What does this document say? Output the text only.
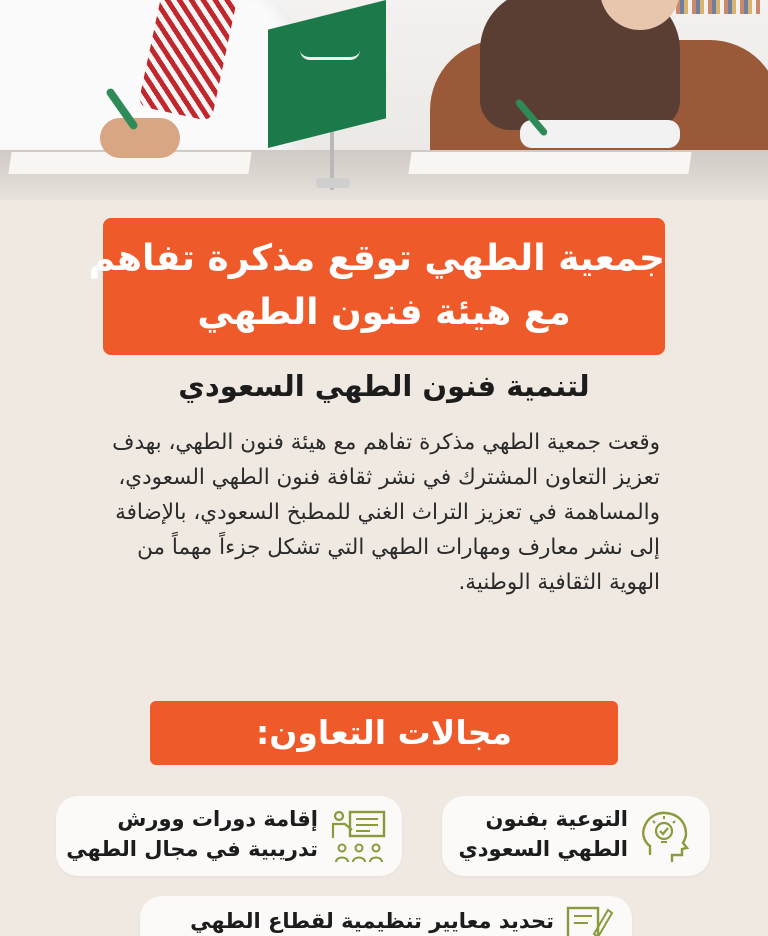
جمعية الطهي توقع مذكرة تفاهم
مع هيئة فنون الطهي
لتنمية فنون الطهي السعودي
وقعت جمعية الطهي مذكرة تفاهم مع هيئة فنون الطهي، بهدف تعزيز التعاون المشترك في نشر ثقافة فنون الطهي السعودي، والمساهمة في تعزيز التراث الغني للمطبخ السعودي، بالإضافة إلى نشر معارف ومهارات الطهي التي تشكل جزءاً مهماً من الهوية الثقافية الوطنية.
مجالات التعاون:
التوعية بفنون
الطهي السعودي
إقامة دورات وورش
تدريبية في مجال الطهي
تحديد معايير تنظيمية لقطاع الطهي
